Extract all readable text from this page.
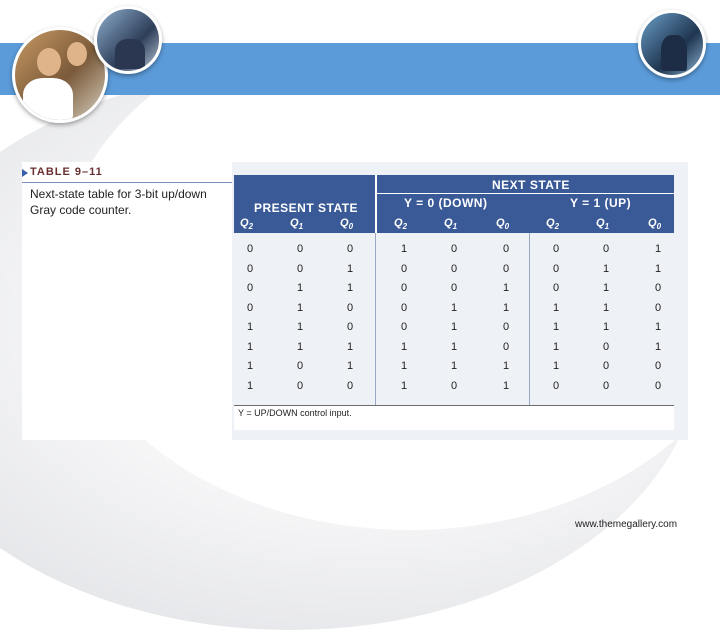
TABLE 9–11
Next-state table for 3-bit up/down Gray code counter.	PRESENT STATE
NEXT STATE
Y = 0 (DOWN)	Y = 1 (UP)
$Q_2$	$Q_1$	$Q_0$	$Q_2$	$Q_1$	$Q_0$	$Q_2$	$Q_1$	$Q_0$
0	0	0	1	0	0	0	0	1
0	0	1	0	0	0	0	1	1
0	1	1	0	0	1	0	1	0
0	1	0	0	1	1	1	1	0
1	1	0	0	1	0	1	1	1
1	1	1	1	1	0	1	0	1
1	0	1	1	1	1	1	0	0
1	0	0	1	0	1	0	0	0
Y = UP/DOWN control input.
www.themegallery.com
